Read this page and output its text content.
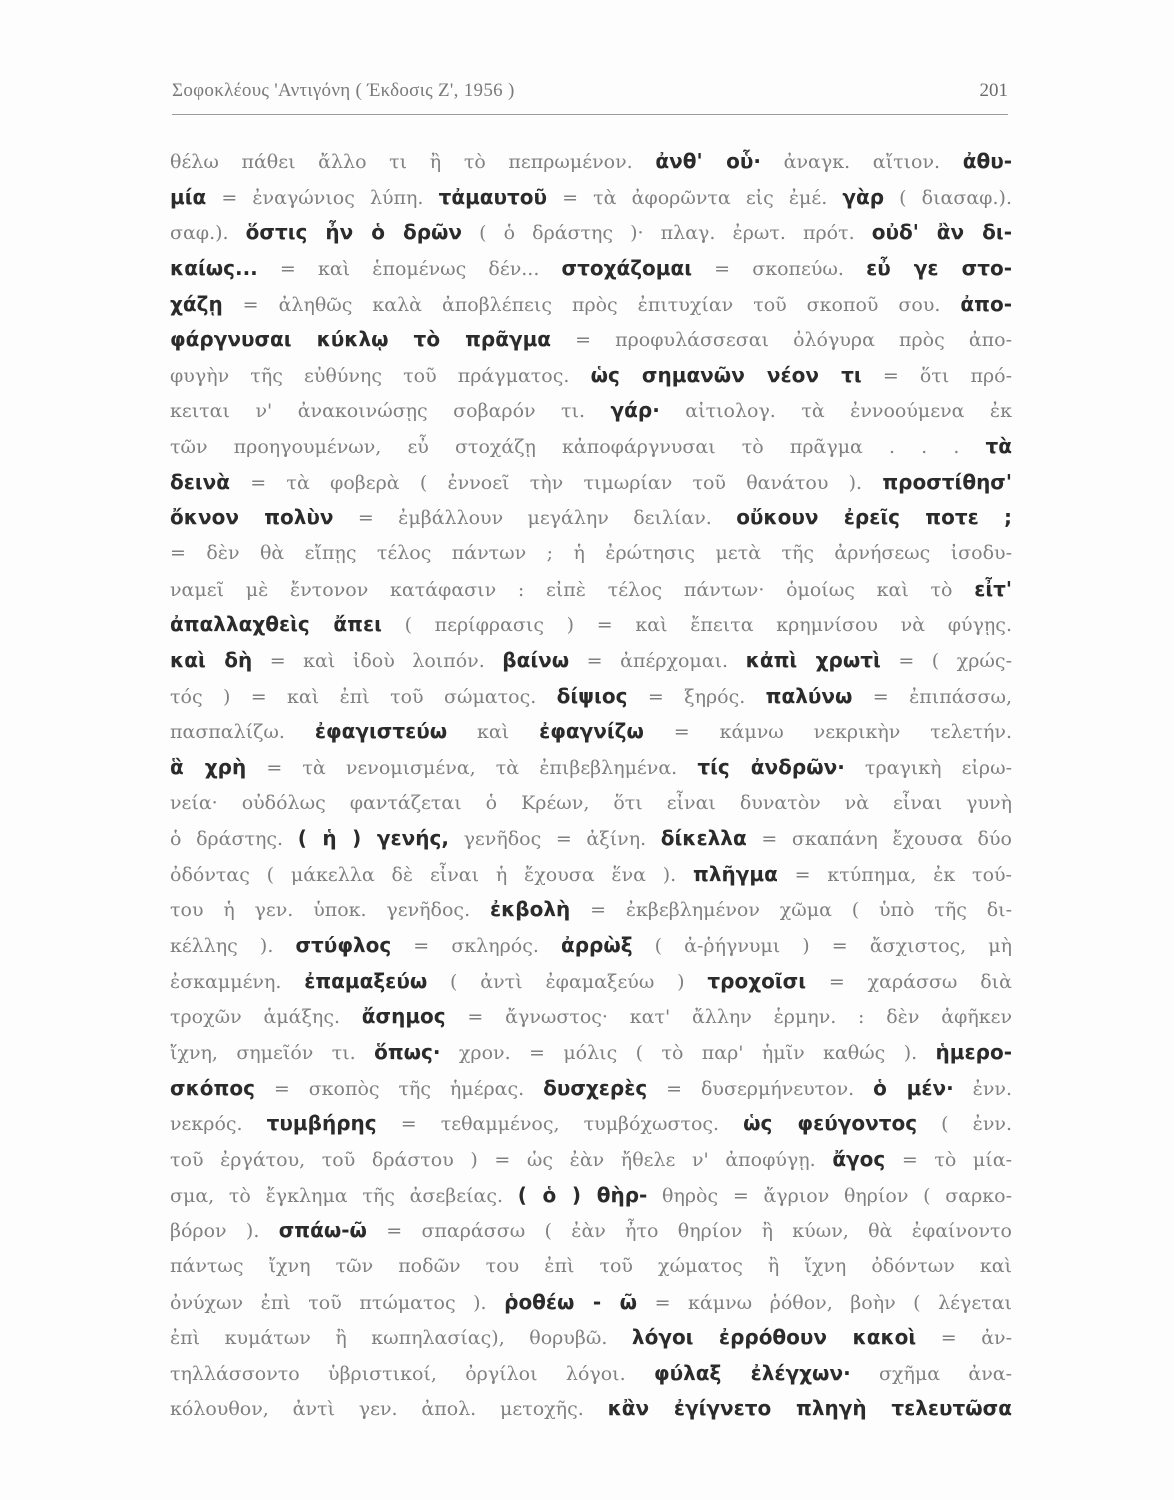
Σοφοκλέους 'Αντιγόνη ( Έκδοσις Ζ', 1956 )	201
θέλω πάθει ἄλλο τι ἢ τὸ πεπρωμένον. ἀνθ' οὗ· ἀναγκ. αἴτιον. ἀθυ-
μία = ἐναγώνιος λύπη. τἀμαυτοῦ = τὰ ἀφορῶντα εἰς ἐμέ. γὰρ ( διασαφ.).
σαφ.). ὅστις ἦν ὁ δρῶν ( ὁ δράστης )· πλαγ. ἐρωτ. πρότ. οὐδ' ἂν δι-
καίως... = καὶ ἑπομένως δέν... στοχάζομαι = σκοπεύω. εὖ γε στο-
χάζῃ = ἀληθῶς καλὰ ἀποβλέπεις πρὸς ἐπιτυχίαν τοῦ σκοποῦ σου. ἀπο-
φάργνυσαι κύκλῳ τὸ πρᾶγμα = προφυλάσσεσαι ὀλόγυρα πρὸς ἀπο-
φυγὴν τῆς εὐθύνης τοῦ πράγματος. ὡς σημανῶν νέον τι = ὅτι πρό-
κειται ν' ἀνακοινώσῃς σοβαρόν τι. γάρ· αἰτιολογ. τὰ ἐννοούμενα ἐκ
τῶν προηγουμένων, εὖ στοχάζῃ κἀποφάργνυσαι τὸ πρᾶγμα . . . τὰ
δεινὰ = τὰ φοβερὰ ( ἐννοεῖ τὴν τιμωρίαν τοῦ θανάτου ). προστίθησ'
ὄκνον πολὺν = ἐμβάλλουν μεγάλην δειλίαν. οὔκουν ἐρεῖς ποτε ;
= δὲν θὰ εἴπῃς τέλος πάντων ; ἡ ἐρώτησις μετὰ τῆς ἀρνήσεως ἰσοδυ-
ναμεῖ μὲ ἔντονον κατάφασιν : εἰπὲ τέλος πάντων· ὁμοίως καὶ τὸ εἶτ'
ἀπαλλαχθεὶς ἄπει ( περίφρασις ) = καὶ ἔπειτα κρημνίσου νὰ φύγῃς.
καὶ δὴ = καὶ ἰδοὺ λοιπόν. βαίνω = ἀπέρχομαι. κἀπὶ χρωτὶ = ( χρώς-
τός ) = καὶ ἐπὶ τοῦ σώματος. δίψιος = ξηρός. παλύνω = ἐπιπάσσω,
πασπαλίζω. ἐφαγιστεύω καὶ ἐφαγνίζω = κάμνω νεκρικὴν τελετήν.
ἃ χρὴ = τὰ νενομισμένα, τὰ ἐπιβεβλημένα. τίς ἀνδρῶν· τραγικὴ εἰρω-
νεία· οὐδόλως φαντάζεται ὁ Κρέων, ὅτι εἶναι δυνατὸν νὰ εἶναι γυνὴ
ὁ δράστης. ( ἡ ) γενής, γενῆδος = ἀξίνη. δίκελλα = σκαπάνη ἔχουσα δύο
ὀδόντας ( μάκελλα δὲ εἶναι ἡ ἔχουσα ἕνα ). πλῆγμα = κτύπημα, ἐκ τού-
του ἡ γεν. ὑποκ. γενῆδος. ἐκβολὴ = ἐκβεβλημένον χῶμα ( ὑπὸ τῆς δι-
κέλλης ). στύφλος = σκληρός. ἀρρὼξ ( ἀ-ῥήγνυμι ) = ἄσχιστος, μὴ
ἐσκαμμένη. ἐπαμαξεύω ( ἀντὶ ἐφαμαξεύω ) τροχοῖσι = χαράσσω διὰ
τροχῶν ἁμάξης. ἄσημος = ἄγνωστος· κατ' ἄλλην ἑρμην. : δὲν ἀφῆκεν
ἴχνη, σημεῖόν τι. ὅπως· χρον. = μόλις ( τὸ παρ' ἡμῖν καθώς ). ἡμερο-
σκόπος = σκοπὸς τῆς ἡμέρας. δυσχερὲς = δυσερμήνευτον. ὁ μέν· ἐνν.
νεκρός. τυμβήρης = τεθαμμένος, τυμβόχωστος. ὡς φεύγοντος ( ἐνν.
τοῦ ἐργάτου, τοῦ δράστου ) = ὡς ἐὰν ἤθελε ν' ἀποφύγῃ. ἄγος = τὸ μία-
σμα, τὸ ἔγκλημα τῆς ἀσεβείας. ( ὁ ) θὴρ- θηρὸς = ἄγριον θηρίον ( σαρκο-
βόρον ). σπάω-ῶ = σπαράσσω ( ἐὰν ἦτο θηρίον ἢ κύων, θὰ ἐφαίνοντο
πάντως ἴχνη τῶν ποδῶν του ἐπὶ τοῦ χώματος ἢ ἴχνη ὀδόντων καὶ
ὀνύχων ἐπὶ τοῦ πτώματος ). ῥοθέω - ῶ = κάμνω ῥόθον, βοὴν ( λέγεται
ἐπὶ κυμάτων ἢ κωπηλασίας), θορυβῶ. λόγοι ἐρρόθουν κακοὶ = ἀν-
τηλλάσσοντο ὑβριστικοί, ὀργίλοι λόγοι. φύλαξ ἐλέγχων· σχῆμα ἀνα-
κόλουθον, ἀντὶ γεν. ἀπολ. μετοχῆς. κἂν ἐγίγνετο πληγὴ τελευτῶσα
